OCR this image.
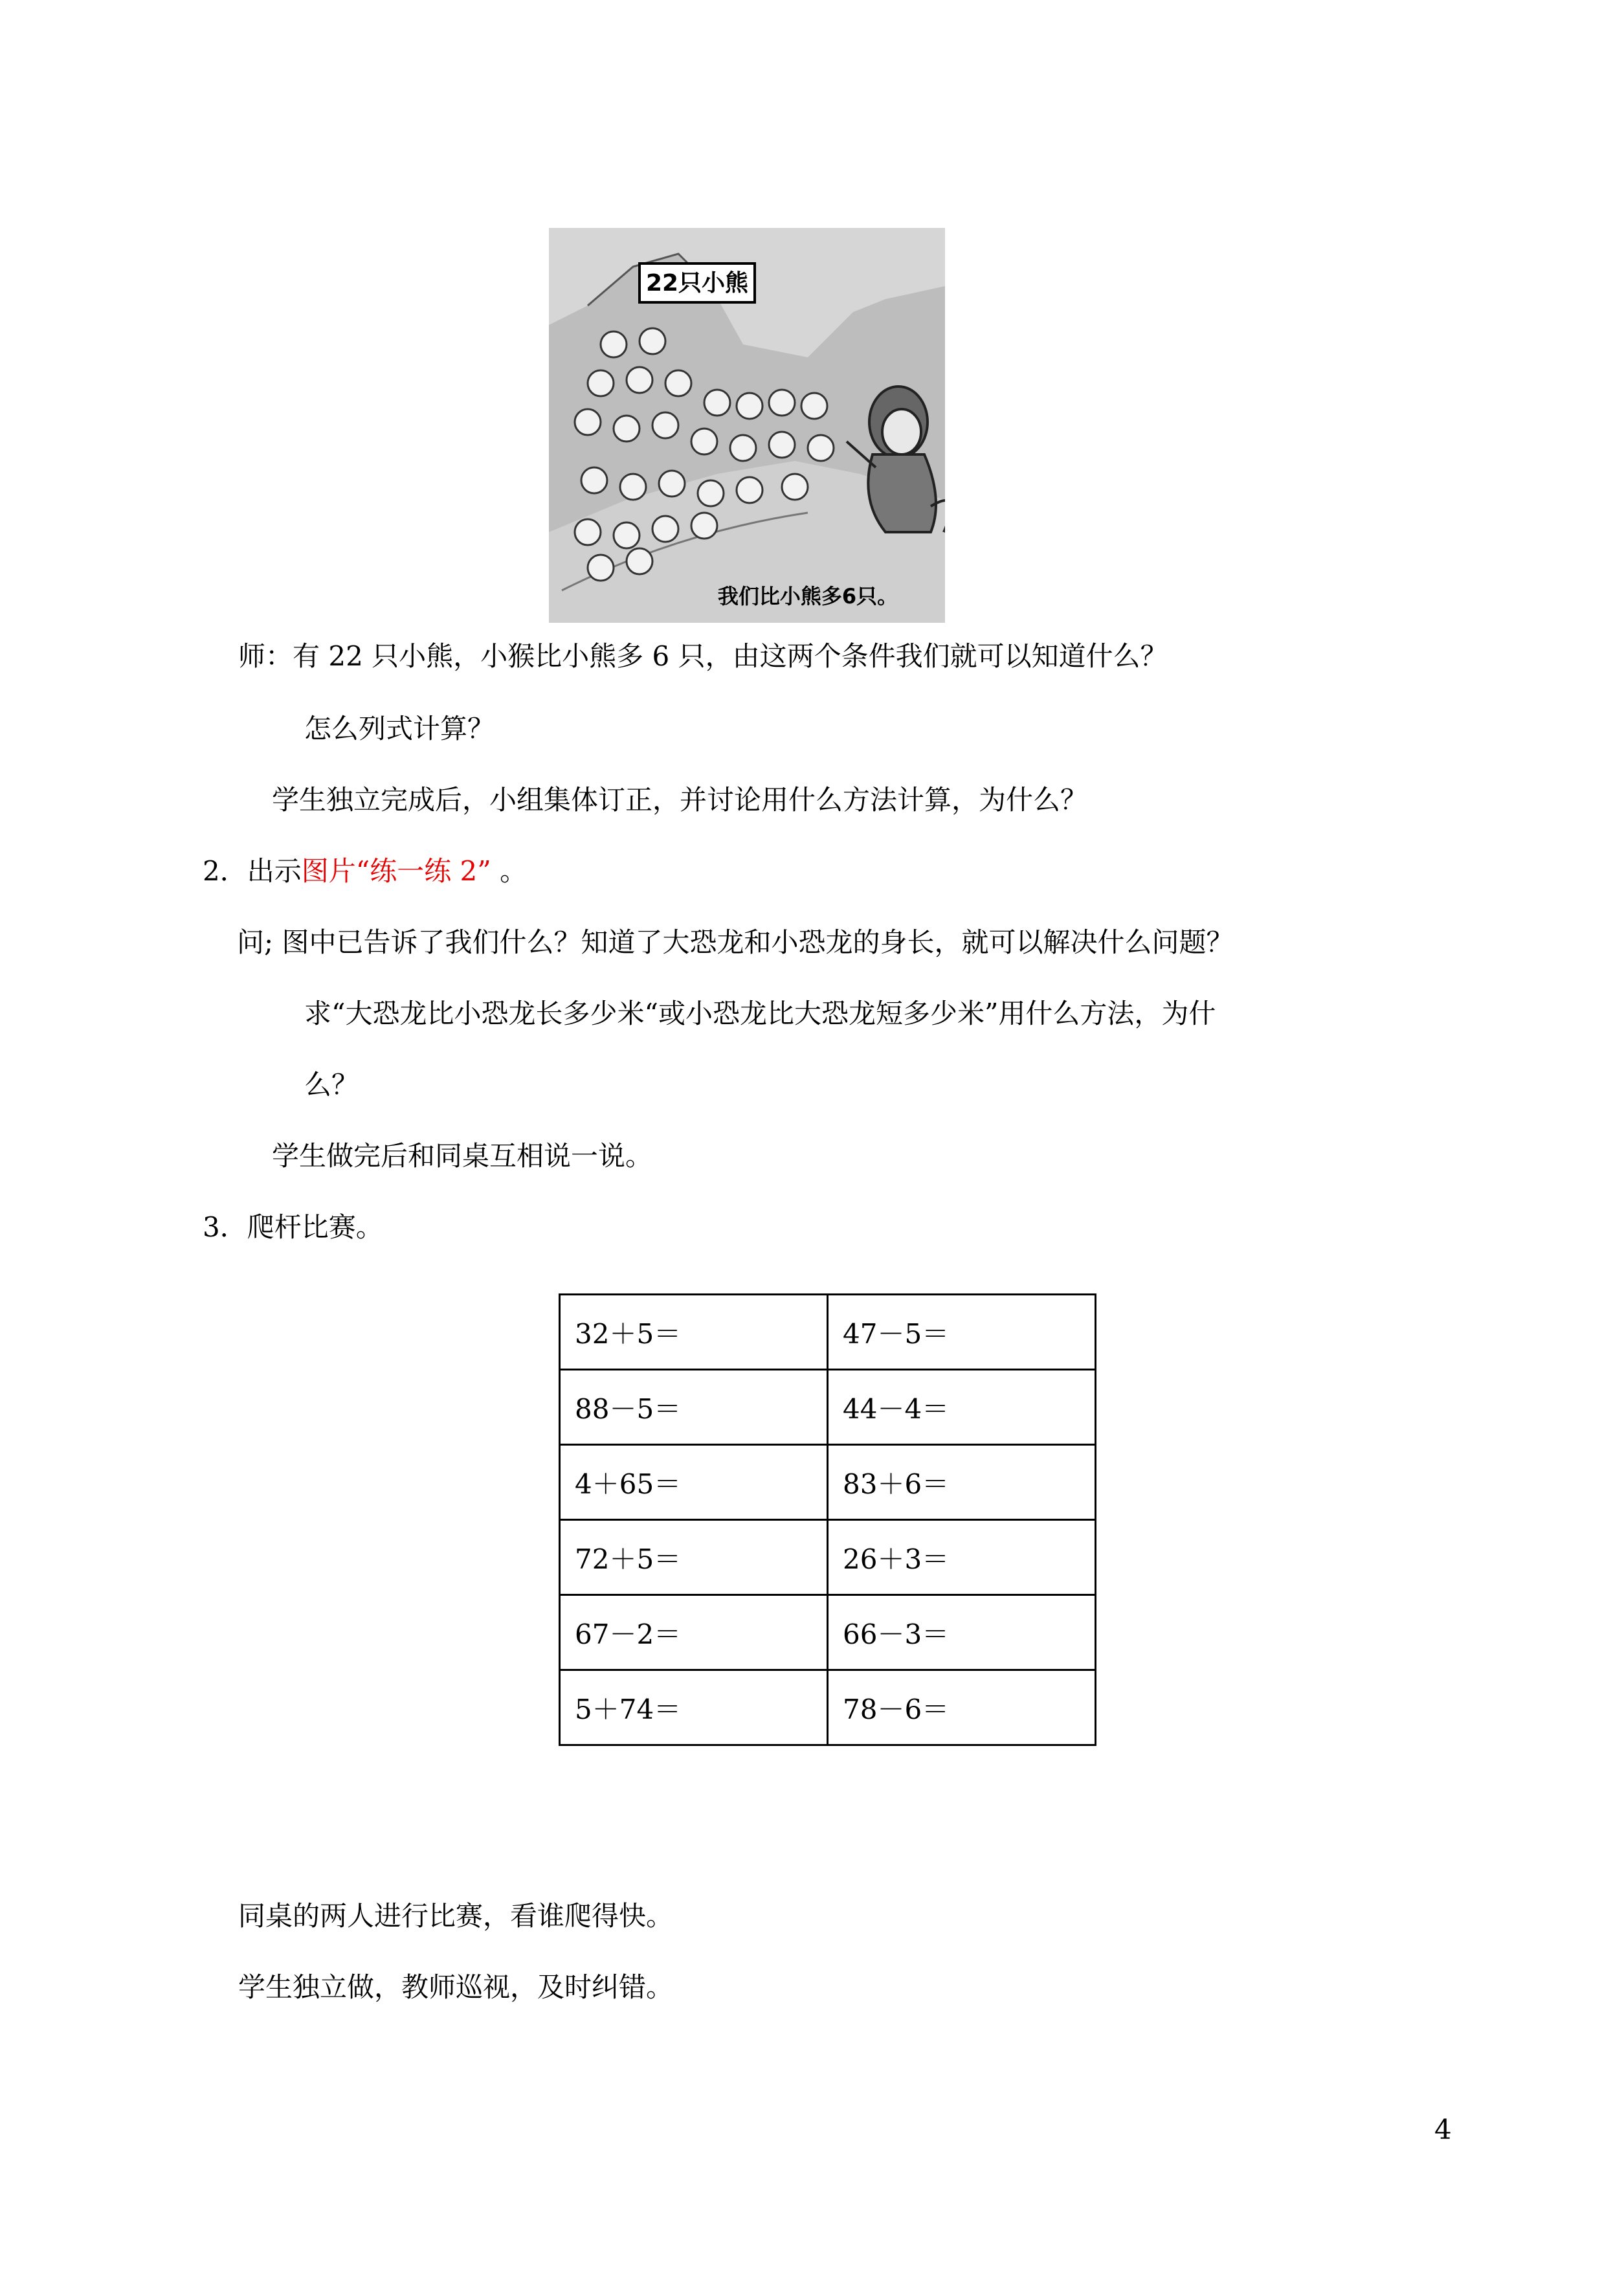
22只小熊
我们比小熊多6只。
师：有 22 只小熊，小猴比小熊多 6 只，由这两个条件我们就可以知道什么？
怎么列式计算？
学生独立完成后，小组集体订正，并讨论用什么方法计算，为什么？
2．出示图片“练一练 2” 。
问; 图中已告诉了我们什么？知道了大恐龙和小恐龙的身长，就可以解决什么问题？
求“大恐龙比小恐龙长多少米“或小恐龙比大恐龙短多少米”用什么方法，为什
么？
学生做完后和同桌互相说一说。
3．爬杆比赛。
32＋5＝	47－5＝
88－5＝	44－4＝
4＋65＝	83＋6＝
72＋5＝	26＋3＝
67－2＝	66－3＝
5＋74＝	78－6＝
同桌的两人进行比赛，看谁爬得快。
学生独立做，教师巡视，及时纠错。
4
